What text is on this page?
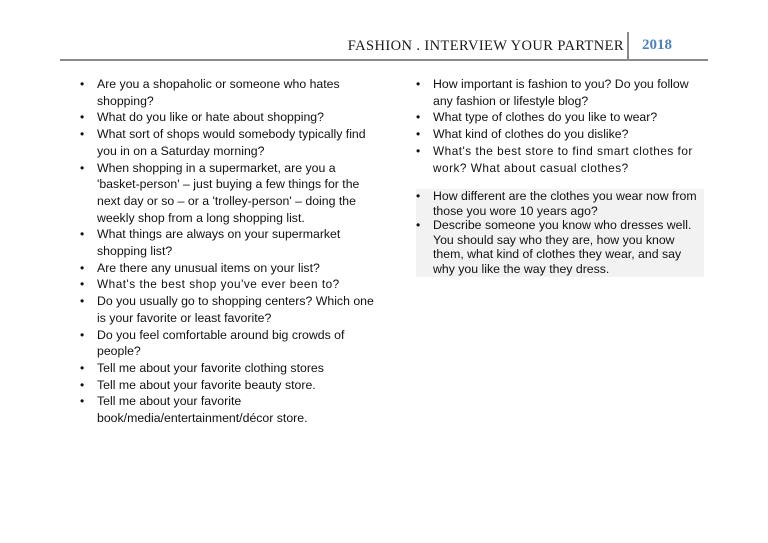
FASHION . INTERVIEW YOUR PARTNER 2018
• Are you a shopaholic or someone who hates shopping?
• What do you like or hate about shopping?
• What sort of shops would somebody typically find you in on a Saturday morning?
• When shopping in a supermarket, are you a 'basket-person' – just buying a few things for the next day or so – or a 'trolley-person' – doing the weekly shop from a long shopping list.
• What things are always on your supermarket shopping list?
• Are there any unusual items on your list?
• What's the best shop you've ever been to?
• Do you usually go to shopping centers? Which one is your favorite or least favorite?
• Do you feel comfortable around big crowds of people?
• Tell me about your favorite clothing stores
• Tell me about your favorite beauty store.
• Tell me about your favorite book/media/entertainment/décor store.
• How important is fashion to you? Do you follow any fashion or lifestyle blog?
• What type of clothes do you like to wear?
• What kind of clothes do you dislike?
• What's the best store to find smart clothes for work? What about casual clothes?
• How different are the clothes you wear now from those you wore 10 years ago?
• Describe someone you know who dresses well. You should say who they are, how you know them, what kind of clothes they wear, and say why you like the way they dress.
